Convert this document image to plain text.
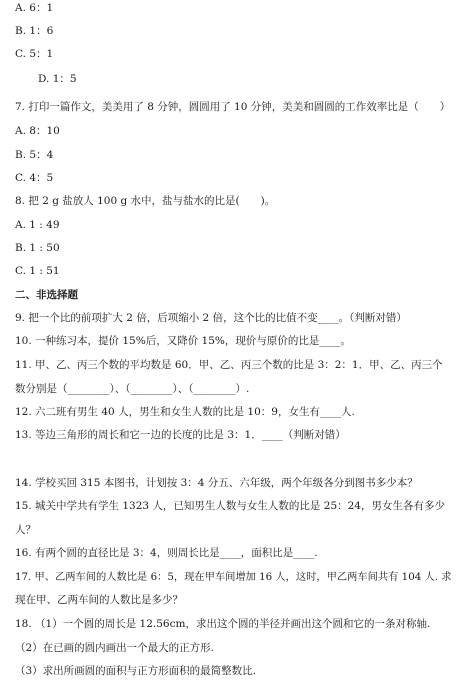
A. 6：1
B. 1：6
C. 5：1
D. 1：5
7. 打印一篇作文，美美用了 8 分钟，圆圆用了 10 分钟，美美和圆圆的工作效率比是（　　）
A. 8：10
B. 5：4
C. 4：5
8. 把 2 g 盐放人 100 g 水中，盐与盐水的比是(　　)。
A. 1 : 49
B. 1 : 50
C. 1 : 51
二、非选择题
9. 把一个比的前项扩大 2 倍，后项缩小 2 倍，这个比的比值不变____。（判断对错）
10. 一种练习本，提价 15%后，又降价 15%，现价与原价的比是____。
11. 甲、乙、丙三个数的平均数是 60．甲、乙、丙三个数的比是 3：2：1．甲、乙、丙三个
数分别是（________）、（________）、（________）.
12. 六二班有男生 40 人，男生和女生人数的比是 10：9，女生有____人.
13. 等边三角形的周长和它一边的长度的比是 3：1．____（判断对错）
14. 学校买回 315 本图书，计划按 3：4 分五、六年级，两个年级各分到图书多少本？
15. 城关中学共有学生 1323 人，已知男生人数与女生人数的比是 25：24，男女生各有多少
人？
16. 有两个圆的直径比是 3：4，则周长比是____，面积比是____.
17. 甲、乙两车间的人数比是 6：5，现在甲车间增加 16 人，这时，甲乙两车间共有 104 人. 求
现在甲、乙两车间的人数比是多少？
18. （1）一个圆的周长是 12.56cm，求出这个圆的半径并画出这个圆和它的一条对称轴.
（2）在已画的圆内画出一个最大的正方形.
（3）求出所画圆的面积与正方形面积的最简整数比.
